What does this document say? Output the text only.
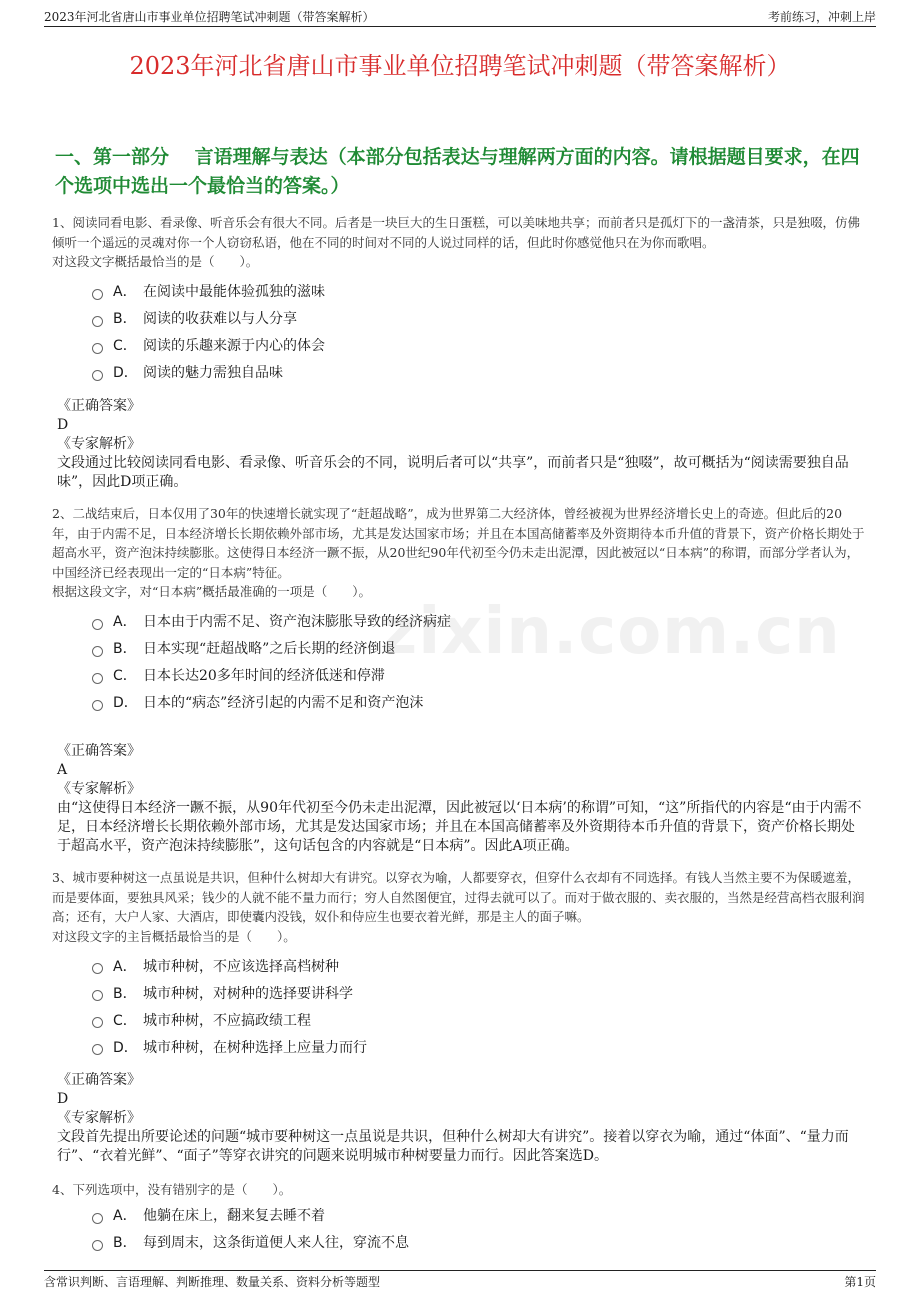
zixin.com.cn
2023年河北省唐山市事业单位招聘笔试冲刺题（带答案解析）	考前练习，冲刺上岸
2023年河北省唐山市事业单位招聘笔试冲刺题（带答案解析）
一、第一部分　 言语理解与表达（本部分包括表达与理解两方面的内容。请根据题目要求，在四个选项中选出一个最恰当的答案。）
1、阅读同看电影、看录像、听音乐会有很大不同。后者是一块巨大的生日蛋糕，可以美味地共享；而前者只是孤灯下的一盏清茶，只是独啜，仿佛倾听一个遥远的灵魂对你一个人窃窃私语，他在不同的时间对不同的人说过同样的话，但此时你感觉他只在为你而歌唱。
对这段文字概括最恰当的是（　　）。
A． 在阅读中最能体验孤独的滋味
B． 阅读的收获难以与人分享
C． 阅读的乐趣来源于内心的体会
D． 阅读的魅力需独自品味
《正确答案》
D
《专家解析》
文段通过比较阅读同看电影、看录像、听音乐会的不同，说明后者可以“共享”，而前者只是“独啜”，故可概括为“阅读需要独自品味”，因此D项正确。
2、二战结束后，日本仅用了30年的快速增长就实现了“赶超战略”，成为世界第二大经济体，曾经被视为世界经济增长史上的奇迹。但此后的20年，由于内需不足，日本经济增长长期依赖外部市场，尤其是发达国家市场；并且在本国高储蓄率及外资期待本币升值的背景下，资产价格长期处于超高水平，资产泡沫持续膨胀。这使得日本经济一蹶不振，从20世纪90年代初至今仍未走出泥潭，因此被冠以“日本病”的称谓，而部分学者认为，中国经济已经表现出一定的“日本病”特征。
根据这段文字，对“日本病”概括最准确的一项是（　　）。
A． 日本由于内需不足、资产泡沫膨胀导致的经济病症
B． 日本实现“赶超战略”之后长期的经济倒退
C． 日本长达20多年时间的经济低迷和停滞
D． 日本的“病态”经济引起的内需不足和资产泡沫
《正确答案》
A
《专家解析》
由“这使得日本经济一蹶不振，从90年代初至今仍未走出泥潭，因此被冠以‘日本病’的称谓”可知，“这”所指代的内容是“由于内需不足，日本经济增长长期依赖外部市场，尤其是发达国家市场；并且在本国高储蓄率及外资期待本币升值的背景下，资产价格长期处于超高水平，资产泡沫持续膨胀”，这句话包含的内容就是“日本病”。因此A项正确。
3、城市要种树这一点虽说是共识，但种什么树却大有讲究。以穿衣为喻，人都要穿衣，但穿什么衣却有不同选择。有钱人当然主要不为保暖遮羞，而是要体面，要独具风采；钱少的人就不能不量力而行；穷人自然图便宜，过得去就可以了。而对于做衣服的、卖衣服的，当然是经营高档衣服利润高；还有，大户人家、大酒店，即使囊内没钱，奴仆和侍应生也要衣着光鲜，那是主人的面子嘛。
对这段文字的主旨概括最恰当的是（　　）。
A． 城市种树，不应该选择高档树种
B． 城市种树，对树种的选择要讲科学
C． 城市种树，不应搞政绩工程
D． 城市种树，在树种选择上应量力而行
《正确答案》
D
《专家解析》
文段首先提出所要论述的问题“城市要种树这一点虽说是共识，但种什么树却大有讲究”。接着以穿衣为喻，通过“体面”、“量力而行”、“衣着光鲜”、“面子”等穿衣讲究的问题来说明城市种树要量力而行。因此答案选D。
4、下列选项中，没有错别字的是（　　）。
A． 他躺在床上，翻来复去睡不着
B． 每到周末，这条街道便人来人往，穿流不息
含常识判断、言语理解、判断推理、数量关系、资料分析等题型	第1页
